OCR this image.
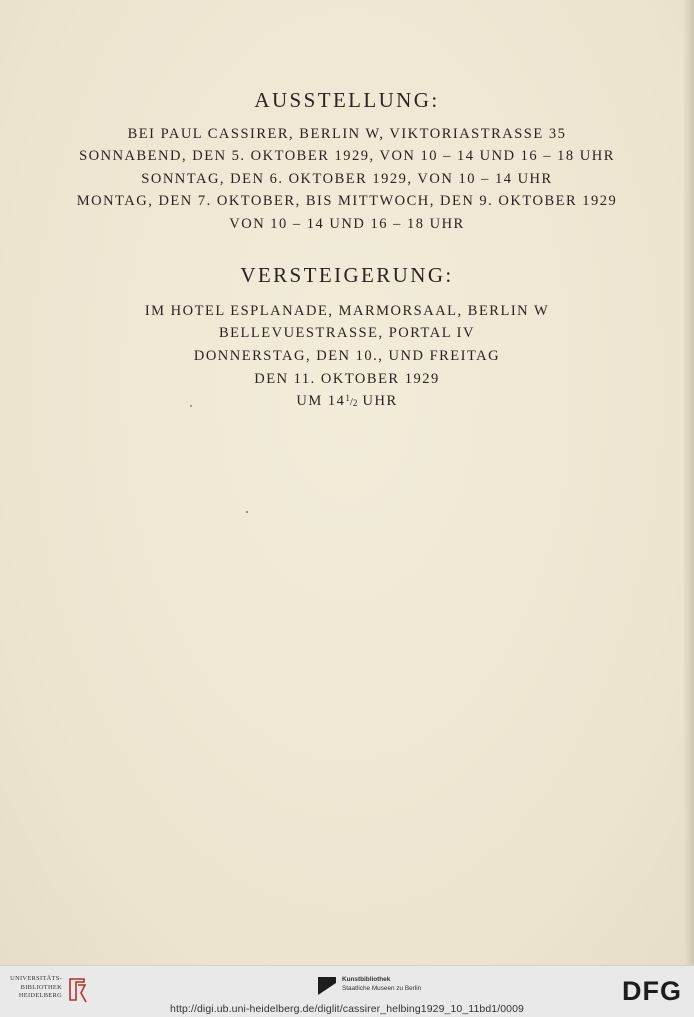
AUSSTELLUNG:

BEI PAUL CASSIRER, BERLIN W, VIKTORIASTRASSE 35

SONNABEND, DEN 5. OKTOBER 1929, VON 10 – 14 UND 16 – 18 UHR

SONNTAG, DEN 6. OKTOBER 1929, VON 10 – 14 UHR

MONTAG, DEN 7. OKTOBER, BIS MITTWOCH, DEN 9. OKTOBER 1929

VON 10 – 14 UND 16 – 18 UHR

VERSTEIGERUNG:

IM HOTEL ESPLANADE, MARMORSAAL, BERLIN W

BELLEVUESTRASSE, PORTAL IV

DONNERSTAG, DEN 10., UND FREITAG

DEN 11. OKTOBER 1929

UM $14^1/2$ UHR

UNIVERSITÄTS-
BIBLIOTHEK
HEIDELBERG
Kunstbibliothek
Staatliche Museen zu Berlin	DFG
http://digi.ub.uni-heidelberg.de/diglit/cassirer_helbing1929_10_11bd1/0009
